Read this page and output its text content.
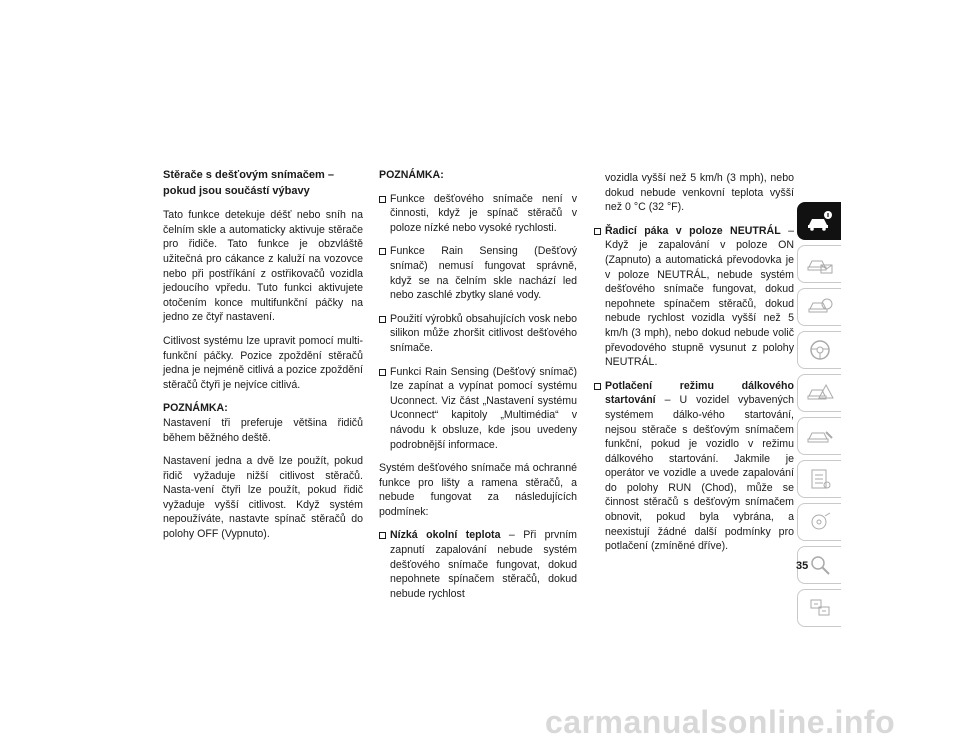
Stěrače s dešťovým snímačem – pokud jsou součástí výbavy

Tato funkce detekuje déšť nebo sníh na čelním skle a automaticky aktivuje stěrače pro řidiče. Tato funkce je obzvláště užitečná pro cákance z kaluží na vozovce nebo při postříkání z ostřikovačů vozidla jedoucího vpředu. Tuto funkci aktivujete otočením konce multifunkční páčky na jedno ze čtyř nastavení.

Citlivost systému lze upravit pomocí multi-funkční páčky. Pozice zpoždění stěračů jedna je nejméně citlivá a pozice zpoždění stěračů čtyři je nejvíce citlivá.

POZNÁMKA:
Nastavení tři preferuje většina řidičů během běžného deště.

Nastavení jedna a dvě lze použít, pokud řidič vyžaduje nižší citlivost stěračů. Nasta-vení čtyři lze použít, pokud řidič vyžaduje vyšší citlivost. Když systém nepoužíváte, nastavte spínač stěračů do polohy OFF (Vypnuto).

POZNÁMKA:

Funkce dešťového snímače není v činnosti, když je spínač stěračů v poloze nízké nebo vysoké rychlosti.
Funkce Rain Sensing (Dešťový snímač) nemusí fungovat správně, když se na čelním skle nachází led nebo zaschlé zbytky slané vody.
Použití výrobků obsahujících vosk nebo silikon může zhoršit citlivost dešťového snímače.
Funkci Rain Sensing (Dešťový snímač) lze zapínat a vypínat pomocí systému Uconnect. Viz část „Nastavení systému Uconnect“ kapitoly „Multimédia“ v návodu k obsluze, kde jsou uvedeny podrobnější informace.

Systém dešťového snímače má ochranné funkce pro lišty a ramena stěračů, a nebude fungovat za následujících podmínek:

Nízká okolní teplota – Při prvním zapnutí zapalování nebude systém dešťového snímače fungovat, dokud nepohnete spínačem stěračů, dokud nebude rychlost
vozidla vyšší než 5 km/h (3 mph), nebo dokud nebude venkovní teplota vyšší než 0 °C (32 °F).
Řadicí páka v poloze NEUTRÁL – Když je zapalování v poloze ON (Zapnuto) a automatická převodovka je v poloze NEUTRÁL, nebude systém dešťového snímače fungovat, dokud nepohnete spínačem stěračů, dokud nebude rychlost vozidla vyšší než 5 km/h (3 mph), nebo dokud nebude volič převodového stupně vysunut z polohy NEUTRÁL.
Potlačení režimu dálkového startování – U vozidel vybavených systémem dálko-vého startování, nejsou stěrače s dešťovým snímačem funkční, pokud je vozidlo v režimu dálkového startování. Jakmile je operátor ve vozidle a uvede zapalování do polohy RUN (Chod), může se činnost stěračů s dešťovým snímačem obnovit, pokud byla vybrána, a neexistují žádné další podmínky pro potlačení (zmíněné dříve).
35
carmanualsonline.info
